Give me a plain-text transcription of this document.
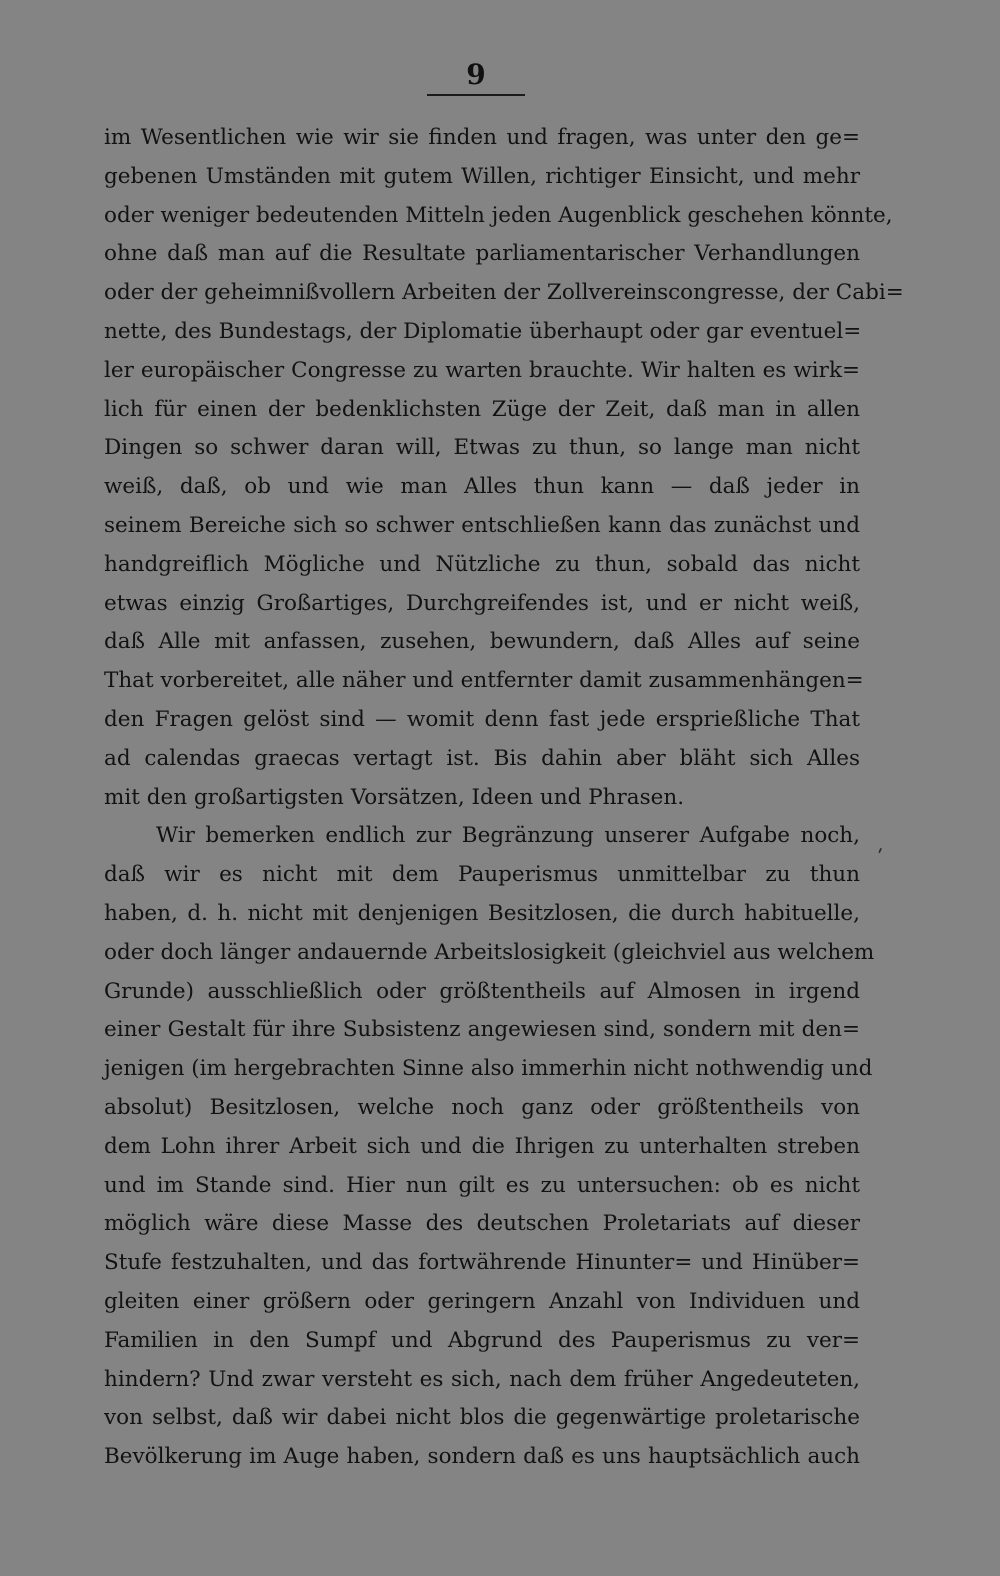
9
im Wesentlichen wie wir sie finden und fragen, was unter den ge=
gebenen Umständen mit gutem Willen, richtiger Einsicht, und mehr
oder weniger bedeutenden Mitteln jeden Augenblick geschehen könnte,
ohne daß man auf die Resultate parliamentarischer Verhandlungen
oder der geheimnißvollern Arbeiten der Zollvereinscongresse, der Cabi=
nette, des Bundestags, der Diplomatie überhaupt oder gar eventuel=
ler europäischer Congresse zu warten brauchte. Wir halten es wirk=
lich für einen der bedenklichsten Züge der Zeit, daß man in allen
Dingen so schwer daran will, Etwas zu thun, so lange man nicht
weiß, daß, ob und wie man Alles thun kann — daß jeder in
seinem Bereiche sich so schwer entschließen kann das zunächst und
handgreiflich Mögliche und Nützliche zu thun, sobald das nicht
etwas einzig Großartiges, Durchgreifendes ist, und er nicht weiß,
daß Alle mit anfassen, zusehen, bewundern, daß Alles auf seine
That vorbereitet, alle näher und entfernter damit zusammenhängen=
den Fragen gelöst sind — womit denn fast jede ersprießliche That
ad calendas graecas vertagt ist. Bis dahin aber bläht sich Alles
mit den großartigsten Vorsätzen, Ideen und Phrasen.
Wir bemerken endlich zur Begränzung unserer Aufgabe noch,
daß wir es nicht mit dem Pauperismus unmittelbar zu thun
haben, d. h. nicht mit denjenigen Besitzlosen, die durch habituelle,
oder doch länger andauernde Arbeitslosigkeit (gleichviel aus welchem
Grunde) ausschließlich oder größtentheils auf Almosen in irgend
einer Gestalt für ihre Subsistenz angewiesen sind, sondern mit den=
jenigen (im hergebrachten Sinne also immerhin nicht nothwendig und
absolut) Besitzlosen, welche noch ganz oder größtentheils von
dem Lohn ihrer Arbeit sich und die Ihrigen zu unterhalten streben
und im Stande sind. Hier nun gilt es zu untersuchen: ob es nicht
möglich wäre diese Masse des deutschen Proletariats auf dieser
Stufe festzuhalten, und das fortwährende Hinunter= und Hinüber=
gleiten einer größern oder geringern Anzahl von Individuen und
Familien in den Sumpf und Abgrund des Pauperismus zu ver=
hindern? Und zwar versteht es sich, nach dem früher Angedeuteten,
von selbst, daß wir dabei nicht blos die gegenwärtige proletarische
Bevölkerung im Auge haben, sondern daß es uns hauptsächlich auch
ʹ
